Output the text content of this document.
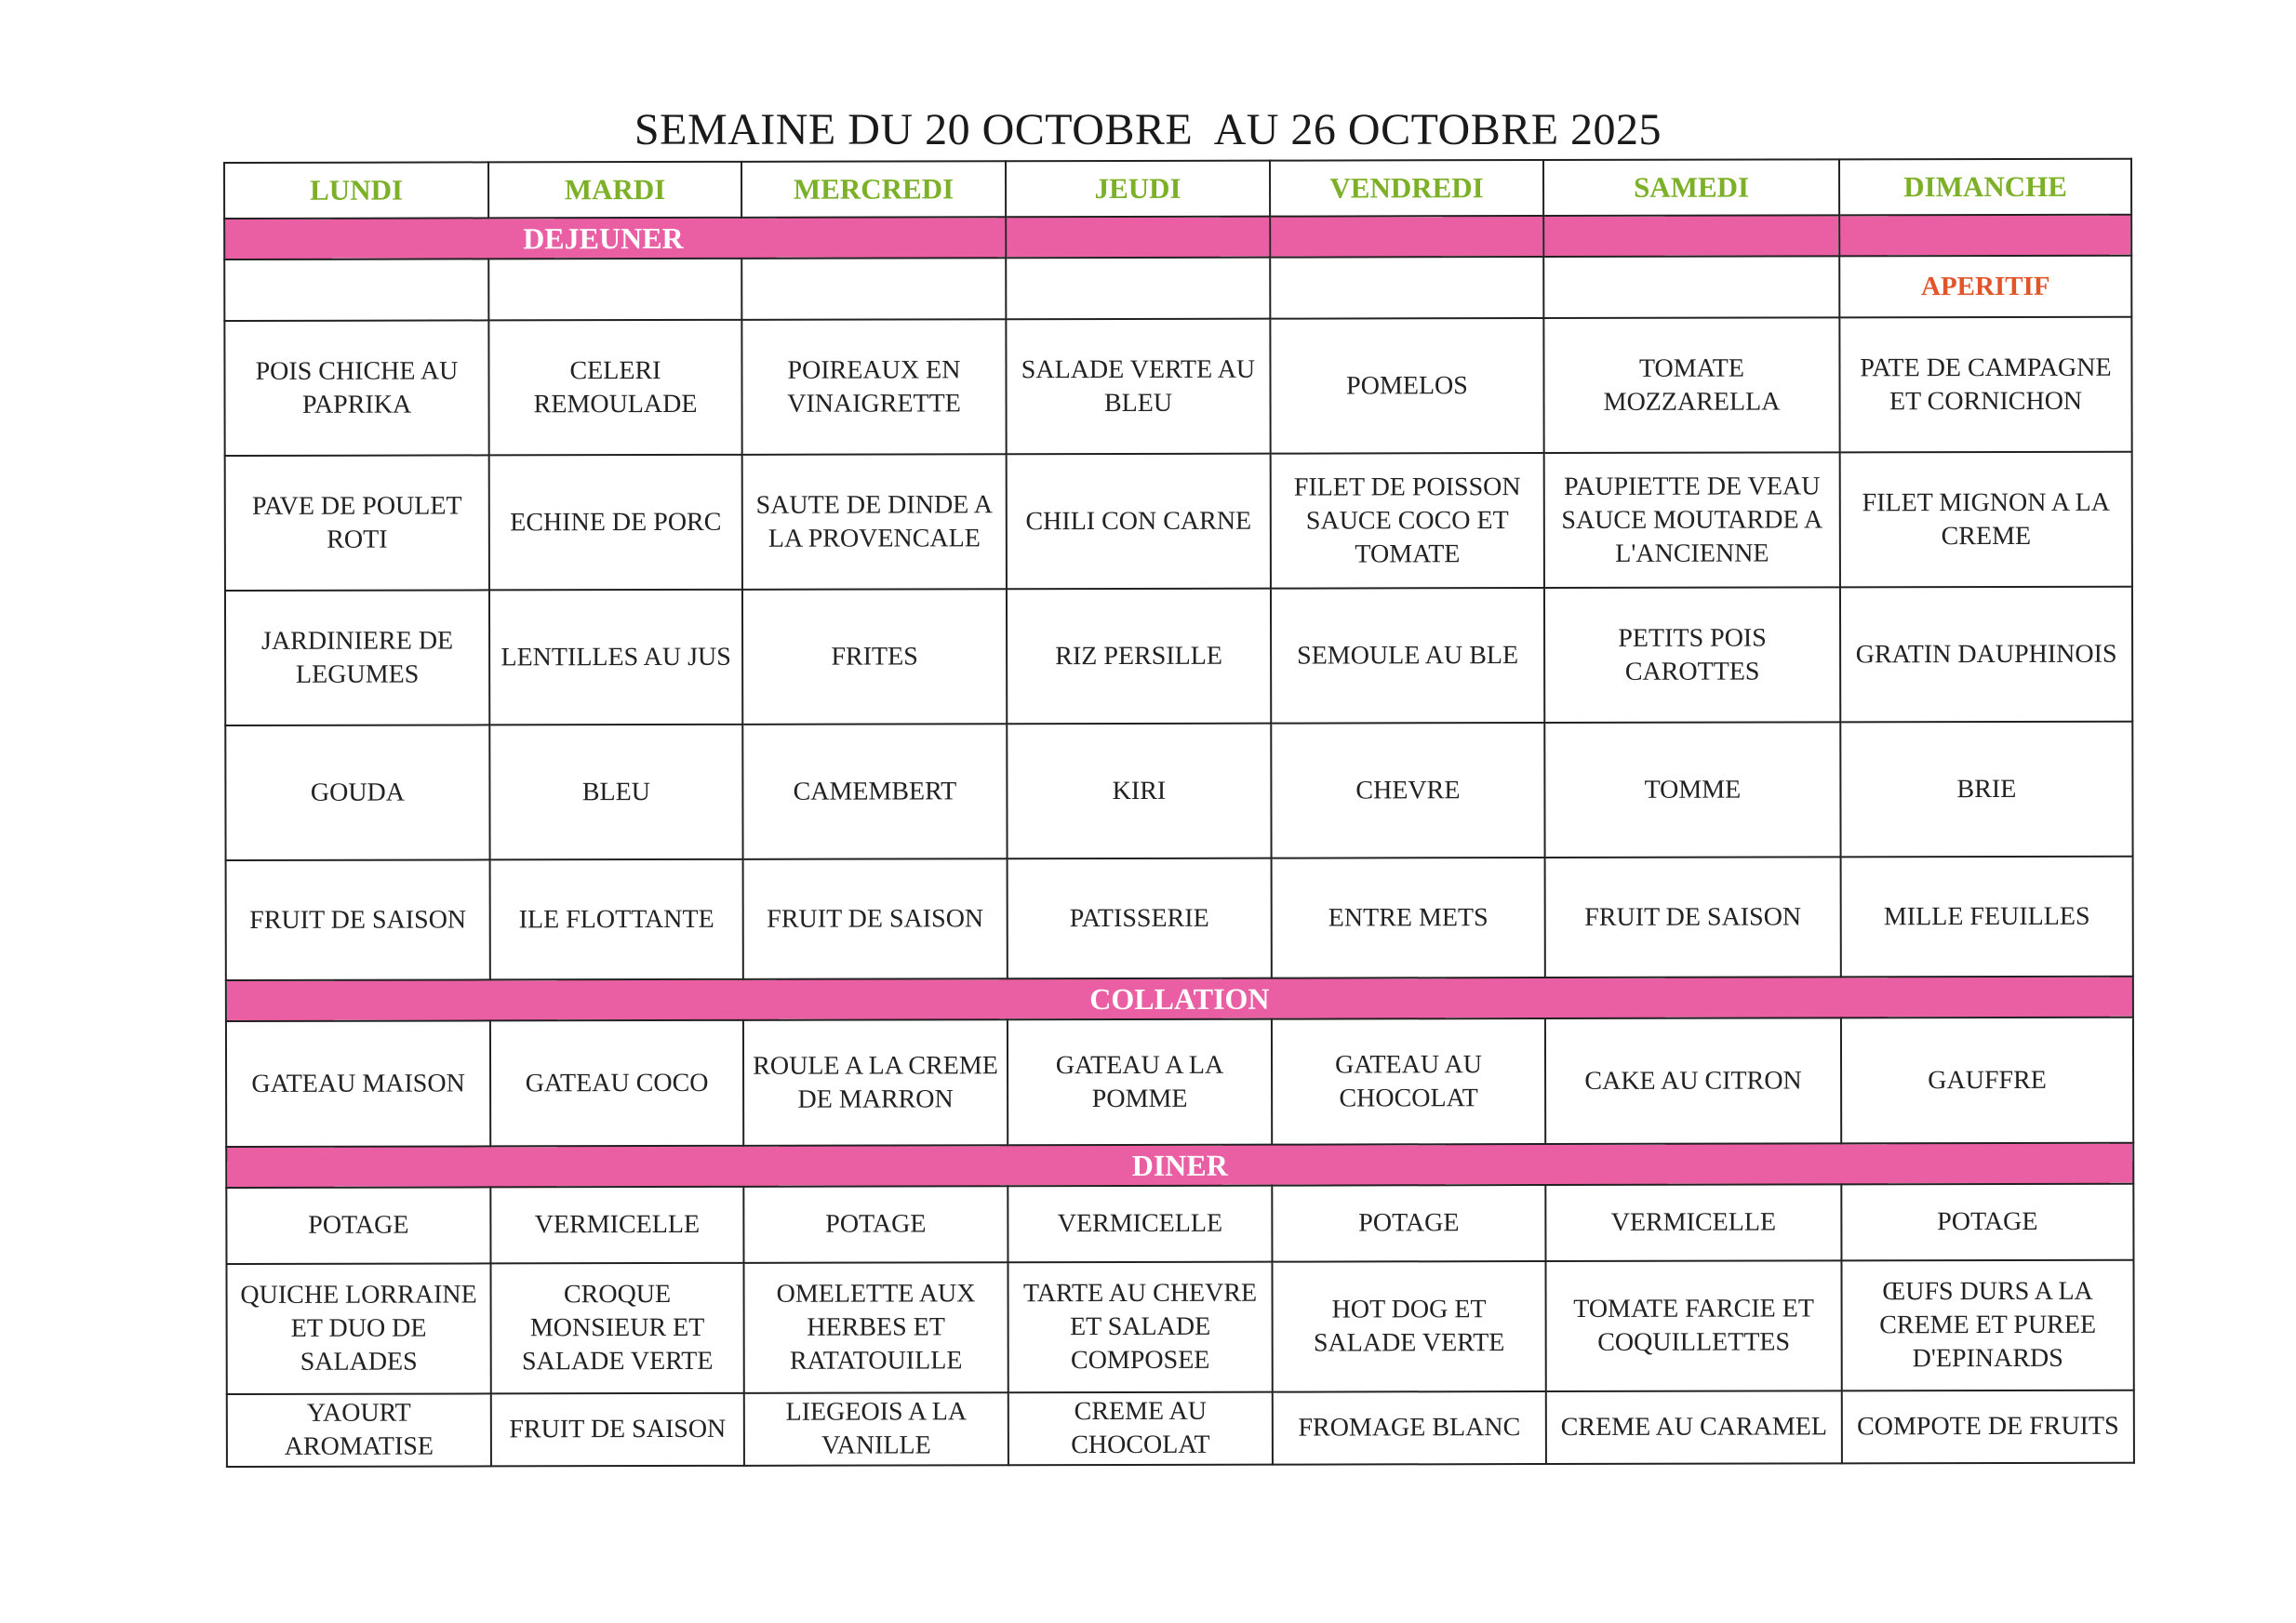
SEMAINE DU 20 OCTOBRE  AU 26 OCTOBRE 2025
LUNDI	MARDI	MERCREDI	JEUDI	VENDREDI	SAMEDI	DIMANCHE
DEJEUNER						
						APERITIF
POIS CHICHE AU PAPRIKA	CELERI REMOULADE	POIREAUX EN VINAIGRETTE	SALADE VERTE AU BLEU	POMELOS	TOMATE MOZZARELLA	PATE DE CAMPAGNE ET CORNICHON
PAVE DE POULET ROTI	ECHINE DE PORC	SAUTE DE DINDE A LA PROVENCALE	CHILI CON CARNE	FILET DE POISSON SAUCE COCO ET TOMATE	PAUPIETTE DE VEAU SAUCE MOUTARDE A L'ANCIENNE	FILET MIGNON A LA CREME
JARDINIERE DE LEGUMES	LENTILLES AU JUS	FRITES	RIZ PERSILLE	SEMOULE AU BLE	PETITS POIS CAROTTES	GRATIN DAUPHINOIS
GOUDA	BLEU	CAMEMBERT	KIRI	CHEVRE	TOMME	BRIE
FRUIT DE SAISON	ILE FLOTTANTE	FRUIT DE SAISON	PATISSERIE	ENTRE METS	FRUIT DE SAISON	MILLE FEUILLES
COLLATION						
GATEAU MAISON	GATEAU COCO	ROULE A LA CREME DE MARRON	GATEAU A LA POMME	GATEAU AU CHOCOLAT	CAKE AU CITRON	GAUFFRE
DINER						
POTAGE	VERMICELLE	POTAGE	VERMICELLE	POTAGE	VERMICELLE	POTAGE
QUICHE LORRAINE ET DUO DE SALADES	CROQUE MONSIEUR ET SALADE VERTE	OMELETTE AUX HERBES ET RATATOUILLE	TARTE AU CHEVRE ET SALADE COMPOSEE	HOT DOG ET SALADE VERTE	TOMATE FARCIE ET COQUILLETTES	ŒUFS DURS A LA CREME ET PUREE D'EPINARDS
YAOURT AROMATISE	FRUIT DE SAISON	LIEGEOIS A LA VANILLE	CREME AU CHOCOLAT	FROMAGE BLANC	CREME AU CARAMEL	COMPOTE DE FRUITS
